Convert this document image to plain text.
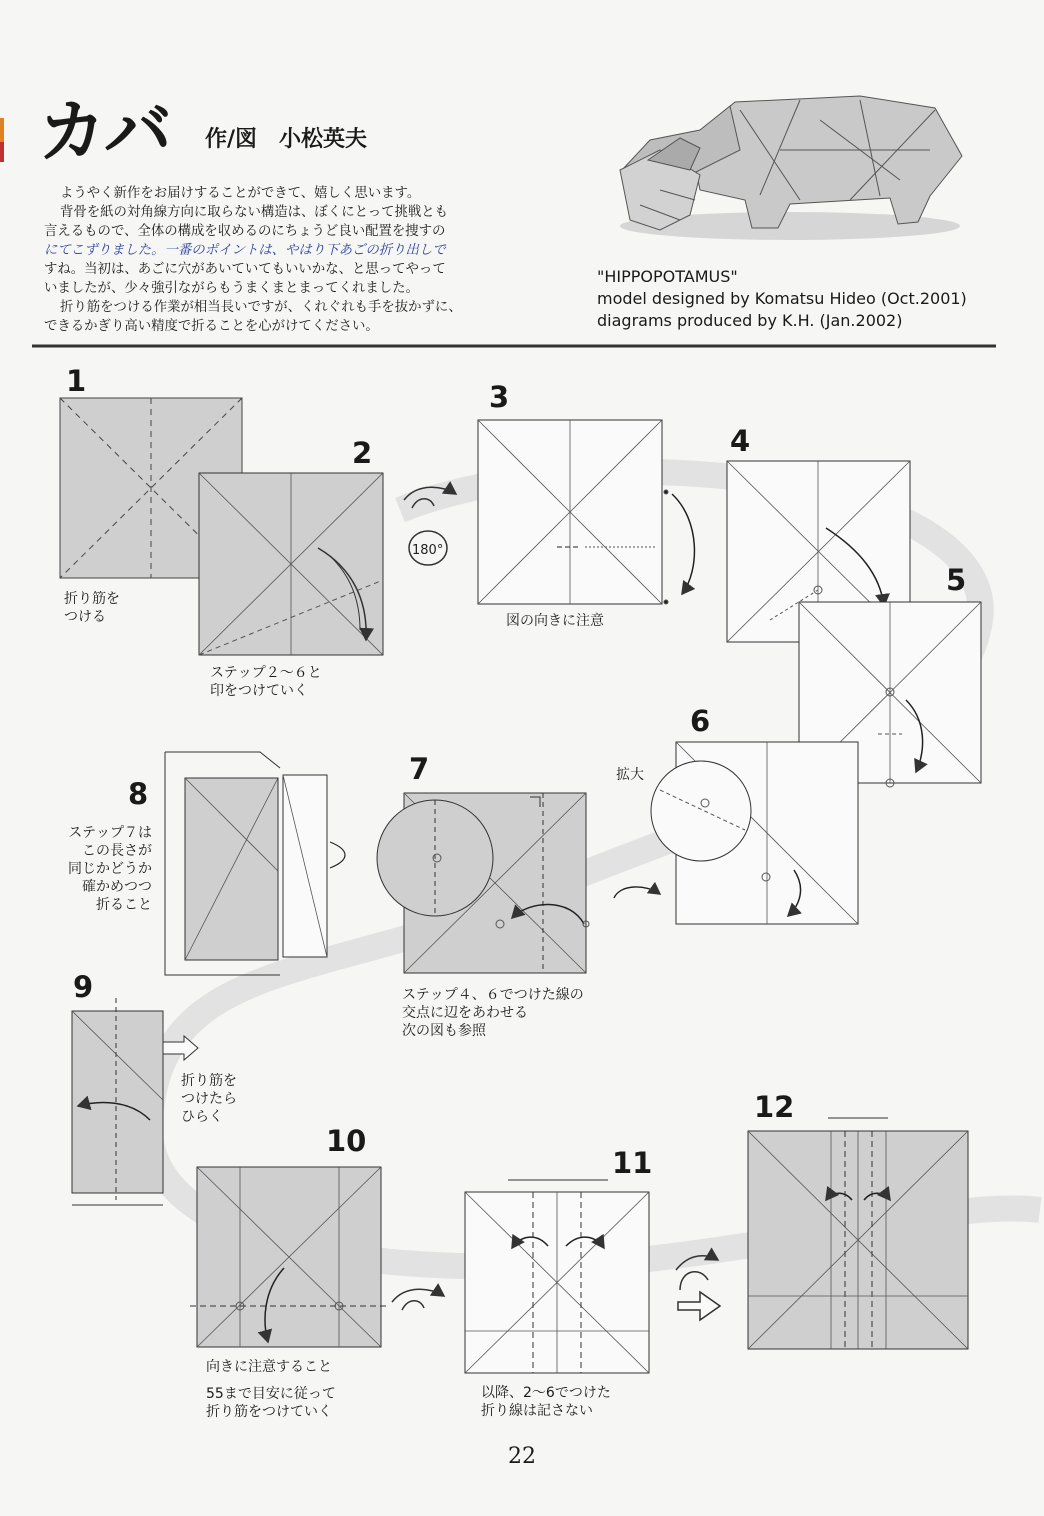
180°
カバ 作/図　小松英夫
ようやく新作をお届けすることができて、嬉しく思います。
背骨を紙の対角線方向に取らない構造は、ぼくにとって挑戦とも
言えるもので、全体の構成を収めるのにちょうど良い配置を捜すの
にてこずりました。一番のポイントは、やはり下あごの折り出しで
すね。当初は、あごに穴があいていてもいいかな、と思ってやって
いましたが、少々強引ながらもうまくまとまってくれました。
折り筋をつける作業が相当長いですが、くれぐれも手を抜かずに、
できるかぎり高い精度で折ることを心がけてください。
"HIPPOPOTAMUS"
model designed by Komatsu Hideo (Oct.2001)
diagrams produced by K.H. (Jan.2002)
1
2
3
4
5
6
7
8
9
10
11
12
折り筋を
つける
ステップ２〜６と
印をつけていく
図の向きに注意
拡大
ステップ４、６でつけた線の
交点に辺をあわせる
次の図も参照
ステップ７は
この長さが
同じかどうか
確かめつつ
折ること
折り筋を
つけたら
ひらく
向きに注意すること
55まで目安に従って
折り筋をつけていく
以降、2〜6でつけた
折り線は記さない
22
